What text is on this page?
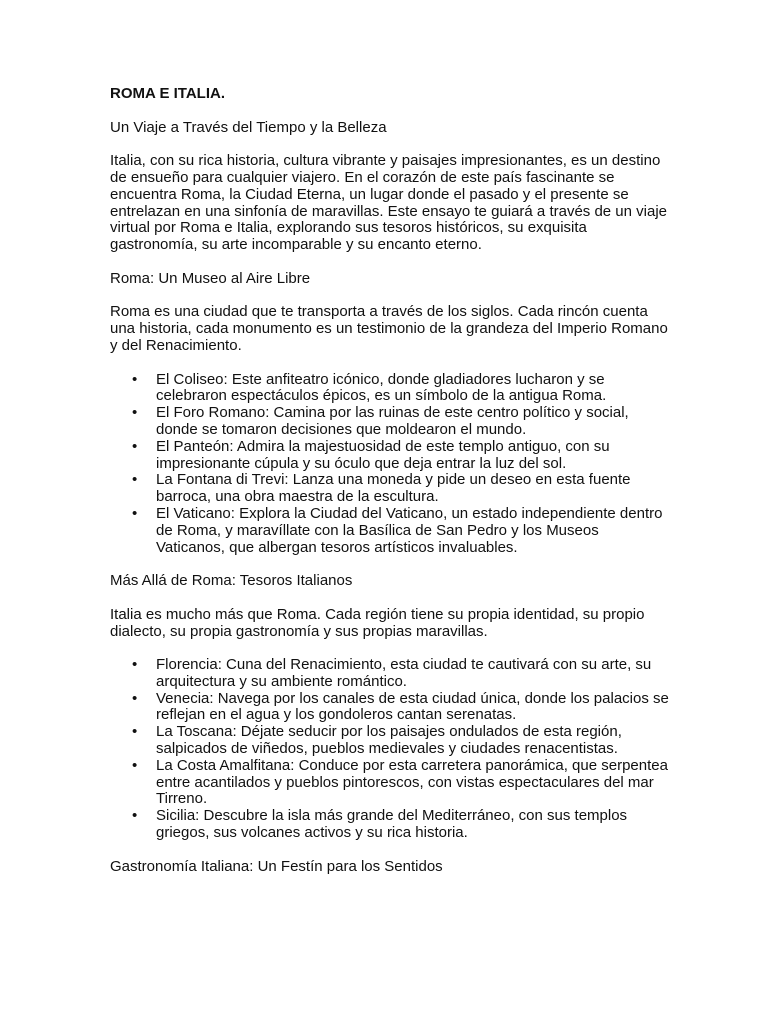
ROMA E ITALIA.

Un Viaje a Través del Tiempo y la Belleza

Italia, con su rica historia, cultura vibrante y paisajes impresionantes, es un destino de ensueño para cualquier viajero. En el corazón de este país fascinante se encuentra Roma, la Ciudad Eterna, un lugar donde el pasado y el presente se entrelazan en una sinfonía de maravillas. Este ensayo te guiará a través de un viaje virtual por Roma e Italia, explorando sus tesoros históricos, su exquisita gastronomía, su arte incomparable y su encanto eterno.

Roma: Un Museo al Aire Libre

Roma es una ciudad que te transporta a través de los siglos. Cada rincón cuenta una historia, cada monumento es un testimonio de la grandeza del Imperio Romano y del Renacimiento.

• El Coliseo: Este anfiteatro icónico, donde gladiadores lucharon y se celebraron espectáculos épicos, es un símbolo de la antigua Roma.
• El Foro Romano: Camina por las ruinas de este centro político y social, donde se tomaron decisiones que moldearon el mundo.
• El Panteón: Admira la majestuosidad de este templo antiguo, con su impresionante cúpula y su óculo que deja entrar la luz del sol.
• La Fontana di Trevi: Lanza una moneda y pide un deseo en esta fuente barroca, una obra maestra de la escultura.
• El Vaticano: Explora la Ciudad del Vaticano, un estado independiente dentro de Roma, y maravíllate con la Basílica de San Pedro y los Museos Vaticanos, que albergan tesoros artísticos invaluables.

Más Allá de Roma: Tesoros Italianos

Italia es mucho más que Roma. Cada región tiene su propia identidad, su propio dialecto, su propia gastronomía y sus propias maravillas.

• Florencia: Cuna del Renacimiento, esta ciudad te cautivará con su arte, su arquitectura y su ambiente romántico.
• Venecia: Navega por los canales de esta ciudad única, donde los palacios se reflejan en el agua y los gondoleros cantan serenatas.
• La Toscana: Déjate seducir por los paisajes ondulados de esta región, salpicados de viñedos, pueblos medievales y ciudades renacentistas.
• La Costa Amalfitana: Conduce por esta carretera panorámica, que serpentea entre acantilados y pueblos pintorescos, con vistas espectaculares del mar Tirreno.
• Sicilia: Descubre la isla más grande del Mediterráneo, con sus templos griegos, sus volcanes activos y su rica historia.

Gastronomía Italiana: Un Festín para los Sentidos
